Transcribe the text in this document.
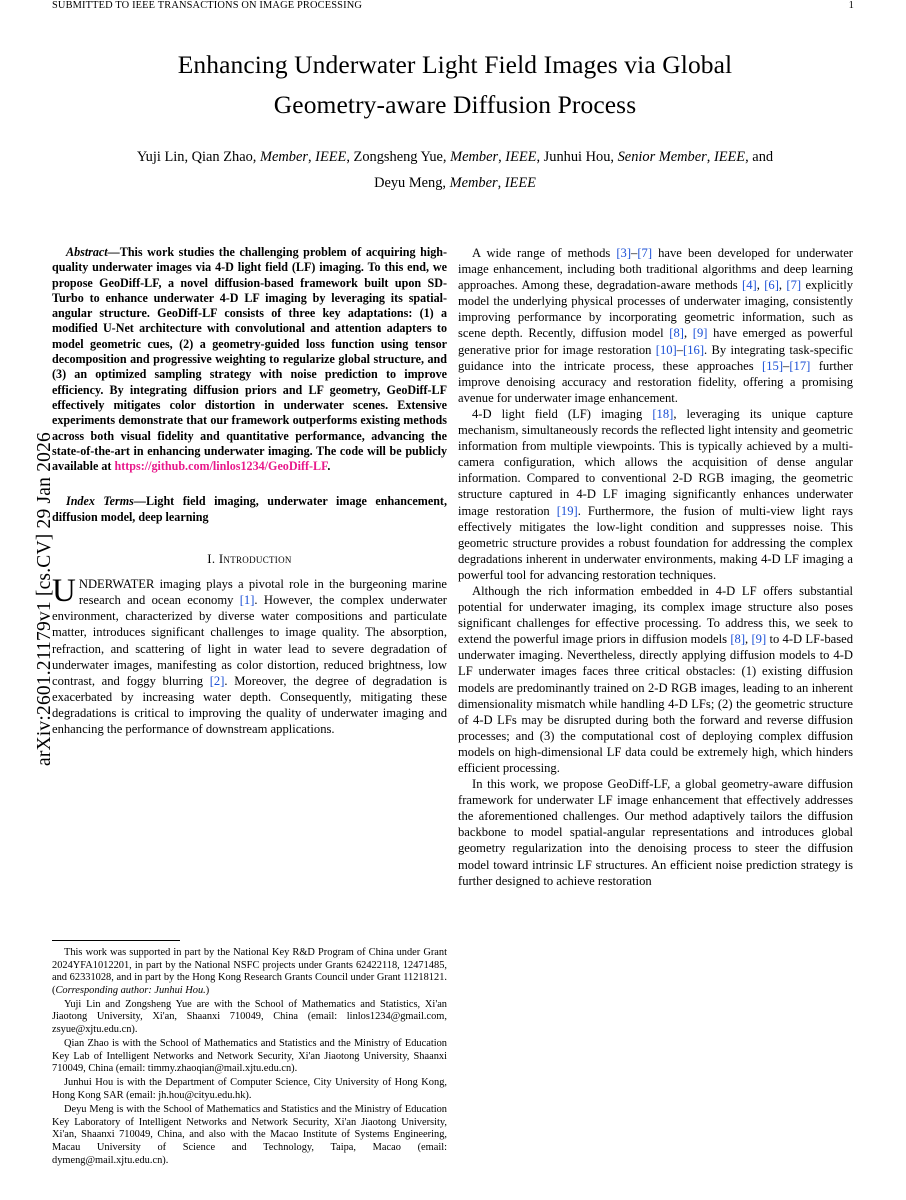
SUBMITTED TO IEEE TRANSACTIONS ON IMAGE PROCESSING	1
arXiv:2601.21179v1 [cs.CV] 29 Jan 2026
Enhancing Underwater Light Field Images via Global
Geometry-aware Diffusion Process
Yuji Lin, Qian Zhao, Member, IEEE, Zongsheng Yue, Member, IEEE, Junhui Hou, Senior Member, IEEE, and
Deyu Meng, Member, IEEE
Abstract—This work studies the challenging problem of acquiring high-quality underwater images via 4-D light field (LF) imaging. To this end, we propose GeoDiff-LF, a novel diffusion-based framework built upon SD-Turbo to enhance underwater 4-D LF imaging by leveraging its spatial-angular structure. GeoDiff-LF consists of three key adaptations: (1) a modified U-Net architecture with convolutional and attention adapters to model geometric cues, (2) a geometry-guided loss function using tensor decomposition and progressive weighting to regularize global structure, and (3) an optimized sampling strategy with noise prediction to improve efficiency. By integrating diffusion priors and LF geometry, GeoDiff-LF effectively mitigates color distortion in underwater scenes. Extensive experiments demonstrate that our framework outperforms existing methods across both visual fidelity and quantitative performance, advancing the state-of-the-art in enhancing underwater imaging. The code will be publicly available at https://github.com/linlos1234/GeoDiff-LF.
Index Terms—Light field imaging, underwater image enhancement, diffusion model, deep learning
I. Introduction

UNDERWATER imaging plays a pivotal role in the burgeoning marine research and ocean economy [1]. However, the complex underwater environment, characterized by diverse water compositions and particulate matter, introduces significant challenges to image quality. The absorption, refraction, and scattering of light in water lead to severe degradation of underwater images, manifesting as color distortion, reduced brightness, low contrast, and foggy blurring [2]. Moreover, the degree of degradation is exacerbated by increasing water depth. Consequently, mitigating these degradations is critical to improving the quality of underwater imaging and enhancing the performance of downstream applications.

This work was supported in part by the National Key R&D Program of China under Grant 2024YFA1012201, in part by the National NSFC projects under Grants 62422118, 12471485, and 62331028, and in part by the Hong Kong Research Grants Council under Grant 11218121. (Corresponding author: Junhui Hou.)

Yuji Lin and Zongsheng Yue are with the School of Mathematics and Statistics, Xi'an Jiaotong University, Xi'an, Shaanxi 710049, China (email: linlos1234@gmail.com, zsyue@xjtu.edu.cn).

Qian Zhao is with the School of Mathematics and Statistics and the Ministry of Education Key Lab of Intelligent Networks and Network Security, Xi'an Jiaotong University, Shaanxi 710049, China (email: timmy.zhaoqian@mail.xjtu.edu.cn).

Junhui Hou is with the Department of Computer Science, City University of Hong Kong, Hong Kong SAR (email: jh.hou@cityu.edu.hk).

Deyu Meng is with the School of Mathematics and Statistics and the Ministry of Education Key Laboratory of Intelligent Networks and Network Security, Xi'an Jiaotong University, Xi'an, Shaanxi 710049, China, and also with the Macao Institute of Systems Engineering, Macau University of Science and Technology, Taipa, Macao (email: dymeng@mail.xjtu.edu.cn).

A wide range of methods [3]–[7] have been developed for underwater image enhancement, including both traditional algorithms and deep learning approaches. Among these, degradation-aware methods [4], [6], [7] explicitly model the underlying physical processes of underwater imaging, consistently improving performance by incorporating geometric information, such as scene depth. Recently, diffusion model [8], [9] have emerged as powerful generative prior for image restoration [10]–[16]. By integrating task-specific guidance into the intricate process, these approaches [15]–[17] further improve denoising accuracy and restoration fidelity, offering a promising avenue for underwater image enhancement.

4-D light field (LF) imaging [18], leveraging its unique capture mechanism, simultaneously records the reflected light intensity and geometric information from multiple viewpoints. This is typically achieved by a multi-camera configuration, which allows the acquisition of dense angular information. Compared to conventional 2-D RGB imaging, the geometric structure captured in 4-D LF imaging significantly enhances underwater image restoration [19]. Furthermore, the fusion of multi-view light rays effectively mitigates the low-light condition and suppresses noise. This geometric structure provides a robust foundation for addressing the complex degradations inherent in underwater environments, making 4-D LF imaging a powerful tool for advancing restoration techniques.

Although the rich information embedded in 4-D LF offers substantial potential for underwater imaging, its complex image structure also poses significant challenges for effective processing. To address this, we seek to extend the powerful image priors in diffusion models [8], [9] to 4-D LF-based underwater imaging. Nevertheless, directly applying diffusion models to 4-D LF underwater images faces three critical obstacles: (1) existing diffusion models are predominantly trained on 2-D RGB images, leading to an inherent dimensionality mismatch while handling 4-D LFs; (2) the geometric structure of 4-D LFs may be disrupted during both the forward and reverse diffusion processes; and (3) the computational cost of deploying complex diffusion models on high-dimensional LF data could be extremely high, which hinders efficient processing.

In this work, we propose GeoDiff-LF, a global geometry-aware diffusion framework for underwater LF image enhancement that effectively addresses the aforementioned challenges. Our method adaptively tailors the diffusion backbone to model spatial-angular representations and introduces global geometry regularization into the denoising process to steer the diffusion model toward intrinsic LF structures. An efficient noise prediction strategy is further designed to achieve restoration
